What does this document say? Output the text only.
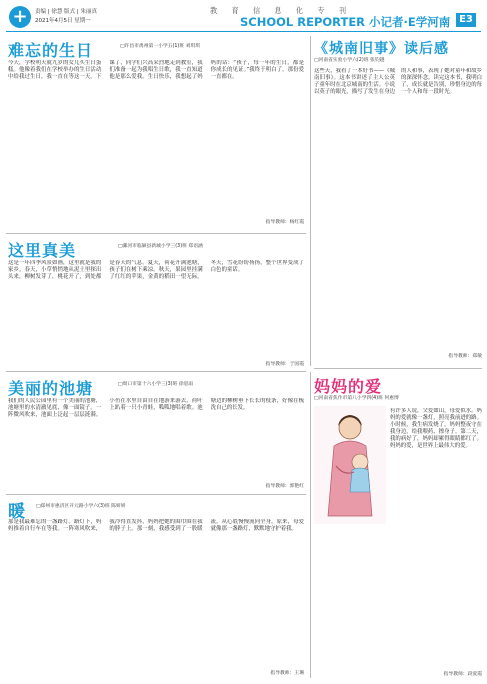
+	责编 | 徐慧 版式 | 朱丽真
2021年4月5日 星期一
教 育 信 息 化 专 刊
SCHOOL REPORTER 小记者·E学河南 E3
难忘的生日	□许昌市禹州第一小学五(1)班 刘琪琪
今天，学校明天就九岁的女儿买生日蛋糕。他像着我们在学校举办的生日活动中给我过生日，我一直在等这一天。下课了，同学们兴高采烈地走到教室，我们准备一起为我唱生日歌，我一直知道他是那么爱我。生日快乐，我想起了妈妈的话：“孩子，每一年的生日，都是你成长的见证。”我终于明白了，那份爱一直都在。
指导教师：杨红霞
这里真美	□漯河市临颍县新城小学三(3)班 郑语涵
这是一年四季风景如画，这里就是我的家乡。春天，小草悄悄地从泥土里探出头来，柳树发芽了，桃花开了，到处都是春天的气息。夏天，荷花开满池塘，孩子们在树下乘凉。秋天，果园里挂满了红红的苹果，金黄的稻田一望无际。冬天，雪花纷纷扬扬，整个世界变成了白色的童话。
指导教师：于国霞
美丽的池塘	□周口市第十六小学三(3)班 徐思雨
我们的人民公园里有一个美丽的池塘，池塘里的水清澈见底，像一面镜子。一阵微风吹来，池面上泛起一层层涟漪。小鱼在水里自由自在地游来游去，荷叶上趴着一只小青蛙，呱呱地唱着歌。池塘边的柳树垂下长长的枝条，好像在梳洗自己的长发。
指导教师：郭艳红
暖 □郑州市惠济区开元路小学六(3)班 陈妍妍
那是我最难忘的一盏路灯。路灯下，妈妈推着自行车在等我。一阵寒风吹来，我冷得直发抖，妈妈把她的围巾围在我的脖子上。那一刻，我感受到了一股暖流，从心底慢慢流向全身。原来，母爱就像那一盏路灯，默默地守护着我。
指导教师：王珊
《城南旧事》读后感
□河南省实验小学六(2)班 张钧越
这些天，我看了一本好书——《城南旧事》。这本书讲述了主人公英子童年时在北京城南的生活。小说以英子的眼光，描写了发生在身边的人和事，表现了她对童年和故乡的深深怀念。读完这本书，我明白了，成长就是告别，珍惜身边的每一个人和每一段时光。
指导教师：郑敏
妈妈的爱
□河南省焦作市第八小学四(4)班 何惠博
有许多人说，父爱如山，母爱似水。妈妈的爱就像一盏灯，照亮我前进的路。小时候，我生病发烧了，妈妈整夜守在我身边，给我喂药、擦身子。第二天，我的病好了，妈妈却累得眼睛都红了。妈妈的爱，是世界上最伟大的爱。
指导教师：段爱霞
